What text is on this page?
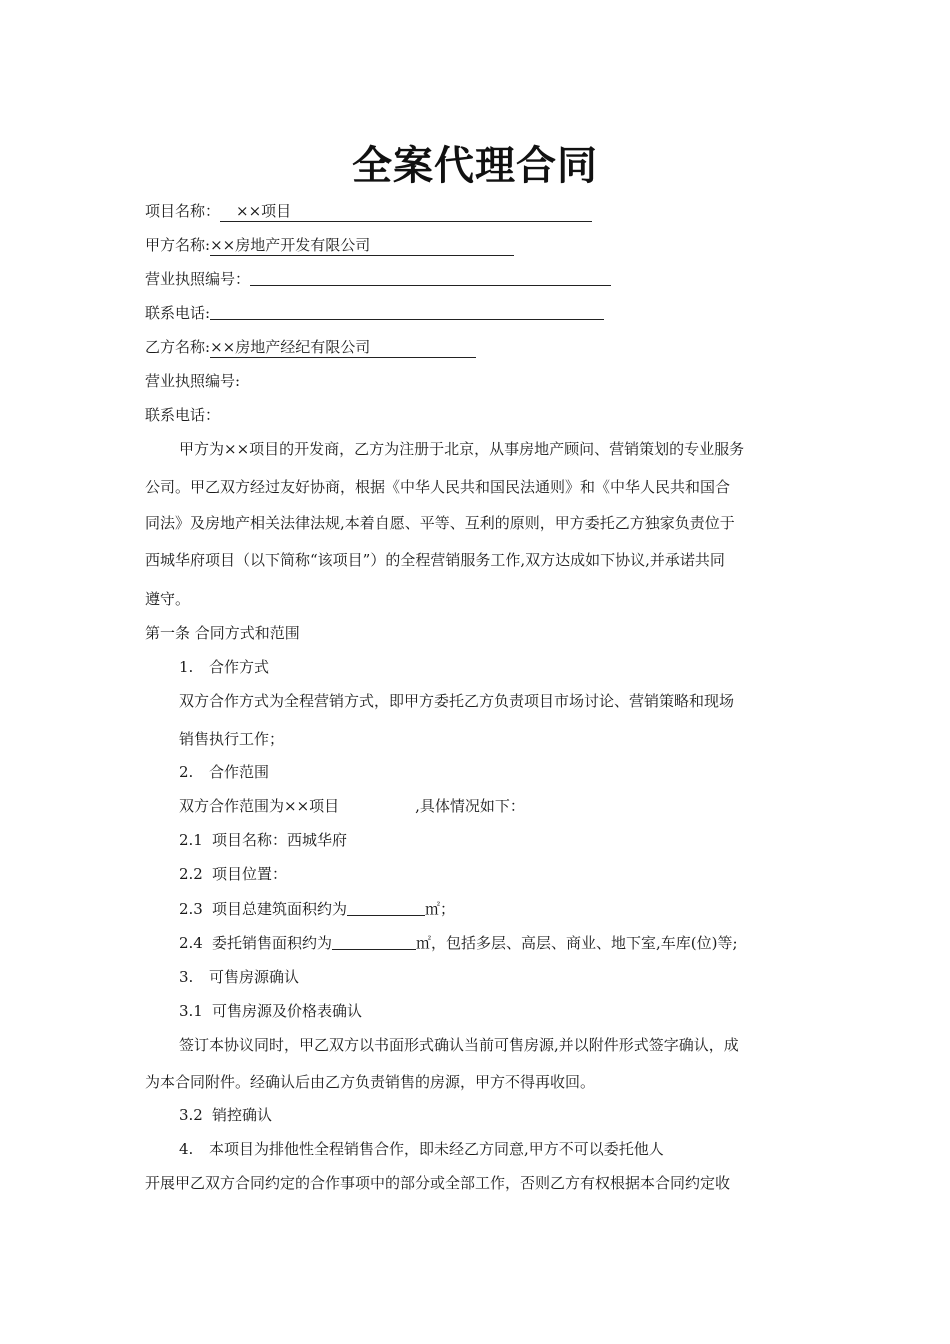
全案代理合同
项目名称： ××项目
甲方名称:××房地产开发有限公司
营业执照编号：
联系电话:
乙方名称:××房地产经纪有限公司
营业执照编号:
联系电话：
甲方为××项目的开发商，乙方为注册于北京，从事房地产顾问、营销策划的专业服务
公司。甲乙双方经过友好协商，根据《中华人民共和国民法通则》和《中华人民共和国合
同法》及房地产相关法律法规,本着自愿、平等、互利的原则，甲方委托乙方独家负责位于
西城华府项目（以下简称“该项目”）的全程营销服务工作,双方达成如下协议,并承诺共同
遵守。
第一条 合同方式和范围
1. 合作方式
双方合作方式为全程营销方式，即甲方委托乙方负责项目市场讨论、营销策略和现场
销售执行工作；
2. 合作范围
双方合作范围为××项目	,具体情况如下：
2.1 项目名称：西城华府
2.2 项目位置：
2.3 项目总建筑面积约为	㎡；
2.4 委托销售面积约为	㎡，包括多层、高层、商业、地下室,车库(位)等;
3. 可售房源确认
3.1 可售房源及价格表确认
签订本协议同时，甲乙双方以书面形式确认当前可售房源,并以附件形式签字确认，成
为本合同附件。经确认后由乙方负责销售的房源，甲方不得再收回。
3.2 销控确认
4. 本项目为排他性全程销售合作，即未经乙方同意,甲方不可以委托他人
开展甲乙双方合同约定的合作事项中的部分或全部工作，否则乙方有权根据本合同约定收
